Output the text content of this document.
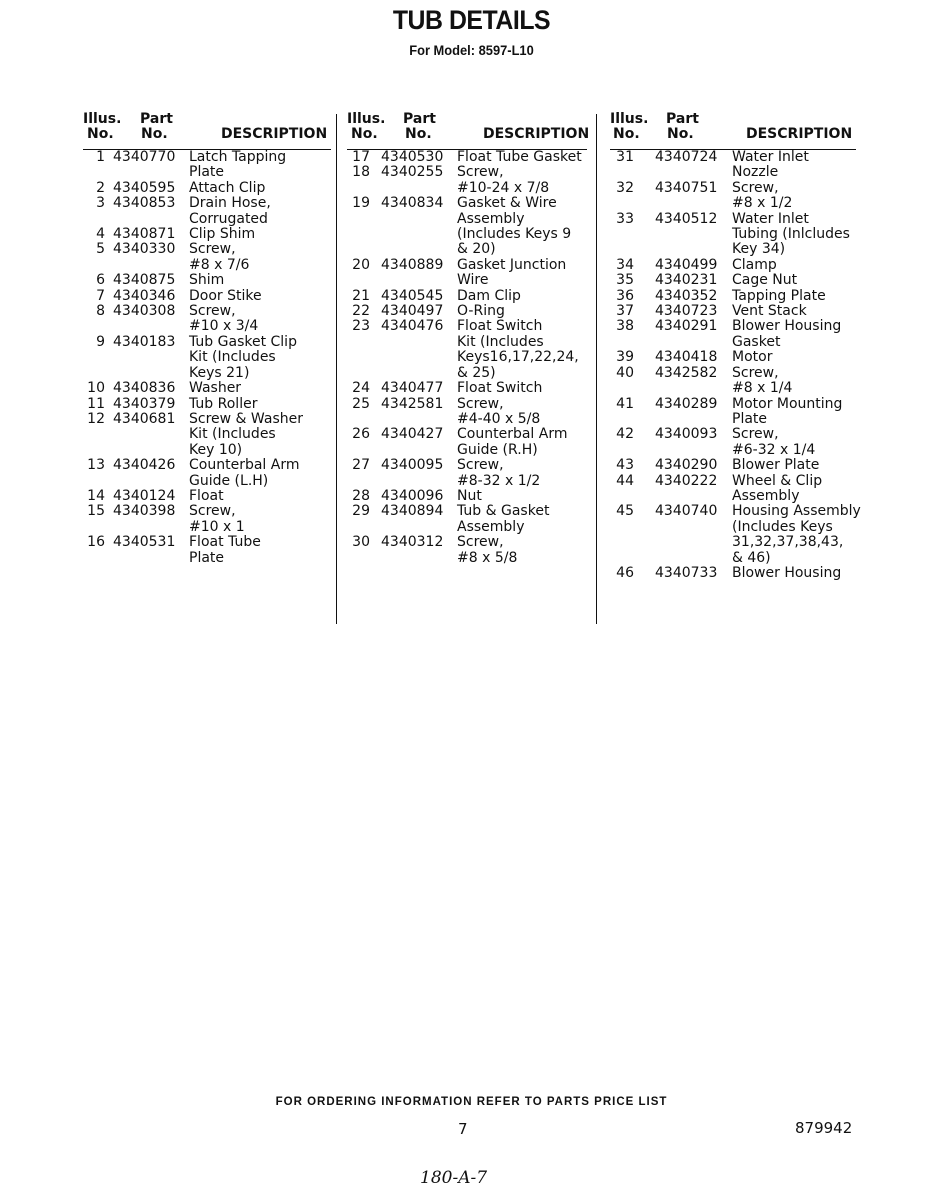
TUB DETAILS
For Model: 8597-L10
Illus.
No.
Part
No.	DESCRIPTION
1 4340770 Latch Tapping
Plate
2 4340595 Attach Clip
3 4340853 Drain Hose,
Corrugated
4 4340871 Clip Shim
5 4340330 Screw,
#8 x 7/6
6 4340875 Shim
7 4340346 Door Stike
8 4340308 Screw,
#10 x 3/4
9 4340183 Tub Gasket Clip
Kit (Includes
Keys 21)
10 4340836 Washer
11 4340379 Tub Roller
12 4340681 Screw & Washer
Kit (Includes
Key 10)
13 4340426 Counterbal Arm
Guide (L.H)
14 4340124 Float
15 4340398 Screw,
#10 x 1
16 4340531 Float Tube
Plate
Illus.
No.
Part
No.	DESCRIPTION
17 4340530 Float Tube Gasket
18 4340255 Screw,
#10-24 x 7/8
19 4340834 Gasket & Wire
Assembly
(Includes Keys 9
& 20)
20 4340889 Gasket Junction
Wire
21 4340545 Dam Clip
22 4340497 O-Ring
23 4340476 Float Switch
Kit (Includes
Keys16,17,22,24,
& 25)
24 4340477 Float Switch
25 4342581 Screw,
#4-40 x 5/8
26 4340427 Counterbal Arm
Guide (R.H)
27 4340095 Screw,
#8-32 x 1/2
28 4340096 Nut
29 4340894 Tub & Gasket
Assembly
30 4340312 Screw,
#8 x 5/8
Illus.
No.
Part
No.	DESCRIPTION
31 4340724 Water Inlet
Nozzle
32 4340751 Screw,
#8 x 1/2
33 4340512 Water Inlet
Tubing (Inlcludes
Key 34)
34 4340499 Clamp
35 4340231 Cage Nut
36 4340352 Tapping Plate
37 4340723 Vent Stack
38 4340291 Blower Housing
Gasket
39 4340418 Motor
40 4342582 Screw,
#8 x 1/4
41 4340289 Motor Mounting
Plate
42 4340093 Screw,
#6-32 x 1/4
43 4340290 Blower Plate
44 4340222 Wheel & Clip
Assembly
45 4340740 Housing Assembly
(Includes Keys
31,32,37,38,43,
& 46)
46 4340733 Blower Housing
FOR ORDERING INFORMATION REFER TO PARTS PRICE LIST
7	879942
180-A-7
